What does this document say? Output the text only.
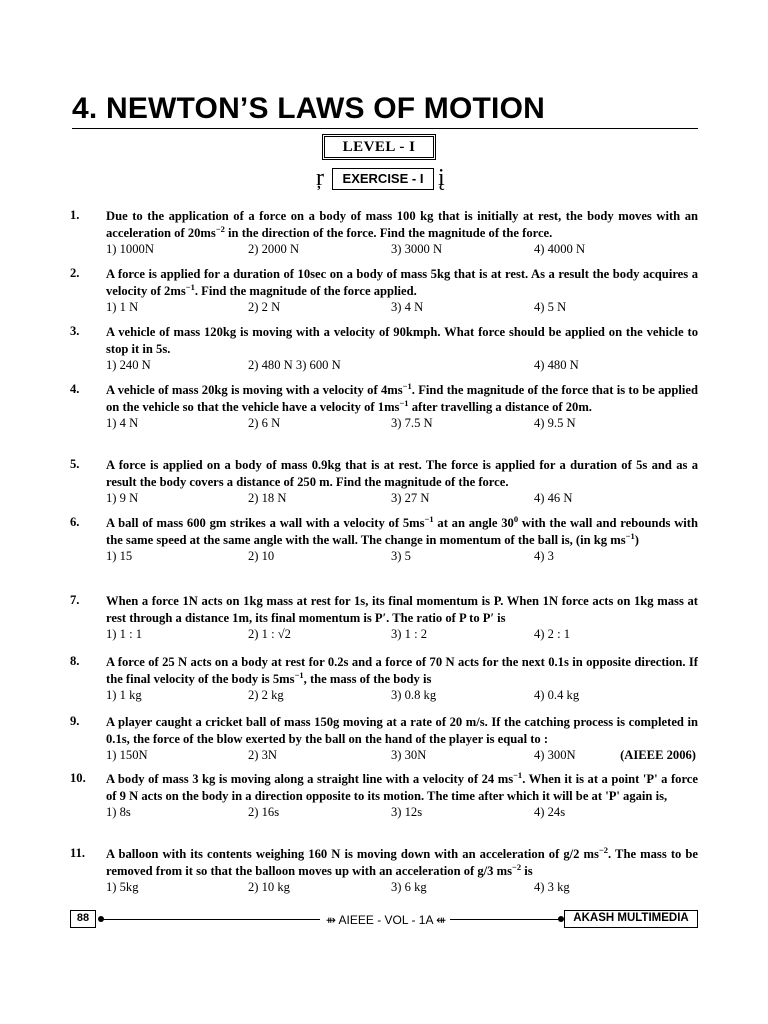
4. NEWTON’S LAWS OF MOTION
LEVEL - I
ŗ	EXERCISE - I į
1. Due to the application of a force on a body of mass 100 kg that is initially at rest, the body moves with an acceleration of $20ms^{-2}$ in the direction of the force. Find the magnitude of the force.
1) 1000N	2) 2000 N	3) 3000 N	4) 4000 N
2. A force is applied for a duration of 10sec on a body of mass 5kg that is at rest. As a result the body acquires a velocity of $2ms^{-1}$. Find the magnitude of the force applied.
1) 1 N	2) 2 N	3) 4 N	4) 5 N
3. A vehicle of mass 120kg is moving with a velocity of 90kmph. What force should be applied on the vehicle to stop it in 5s.
1) 240 N	2) 480 N 3) 600 N	4) 480 N
4. A vehicle of mass 20kg is moving with a velocity of $4ms^{-1}$. Find the magnitude of the force that is to be applied on the vehicle so that the vehicle have a velocity of $1ms^{-1}$ after travelling a distance of 20m.
1) 4 N	2) 6 N	3) 7.5 N	4) 9.5 N
5. A force is applied on a body of mass 0.9kg that is at rest. The force is applied for a duration of 5s and as a result the body covers a distance of 250 m. Find the magnitude of the force.
1) 9 N	2) 18 N	3) 27 N	4) 46 N
6. A ball of mass 600 gm strikes a wall with a velocity of $5ms^{-1}$ at an angle $30^0$ with the wall and rebounds with the same speed at the same angle with the wall. The change in momentum of the ball is, (in kg $ms^{-1}$)
1) 15	2) 10	3) 5	4) 3
7. When a force 1N acts on 1kg mass at rest for 1s, its final momentum is P. When 1N force acts on 1kg mass at rest through a distance 1m, its final momentum is P′. The ratio of P to P′ is
1) 1 : 1	2) 1 : √2	3) 1 : 2	4) 2 : 1
8. A force of 25 N acts on a body at rest for 0.2s and a force of 70 N acts for the next 0.1s in opposite direction. If the final velocity of the body is $5ms^{-1}$, the mass of the body is
1) 1 kg	2) 2 kg	3) 0.8 kg	4) 0.4 kg
9. A player caught a cricket ball of mass 150g moving at a rate of 20 m/s. If the catching process is completed in 0.1s, the force of the blow exerted by the ball on the hand of the player is equal to :
1) 150N	2) 3N	3) 30N	4) 300N	(AIEEE 2006)
10. A body of mass 3 kg is moving along a straight line with a velocity of 24 $ms^{-1}$. When it is at a point 'P' a force of 9 N acts on the body in a direction opposite to its motion. The time after which it will be at 'P' again is,
1) 8s	2) 16s	3) 12s	4) 24s
11. A balloon with its contents weighing 160 N is moving down with an acceleration of g/2 $ms^{-2}$. The mass to be removed from it so that the balloon moves up with an acceleration of g/3 $ms^{-2}$ is
1) 5kg	2) 10 kg	3) 6 kg	4) 3 kg
88	⇻ AIEEE - VOL - 1A ⇺	AKASH MULTIMEDIA
